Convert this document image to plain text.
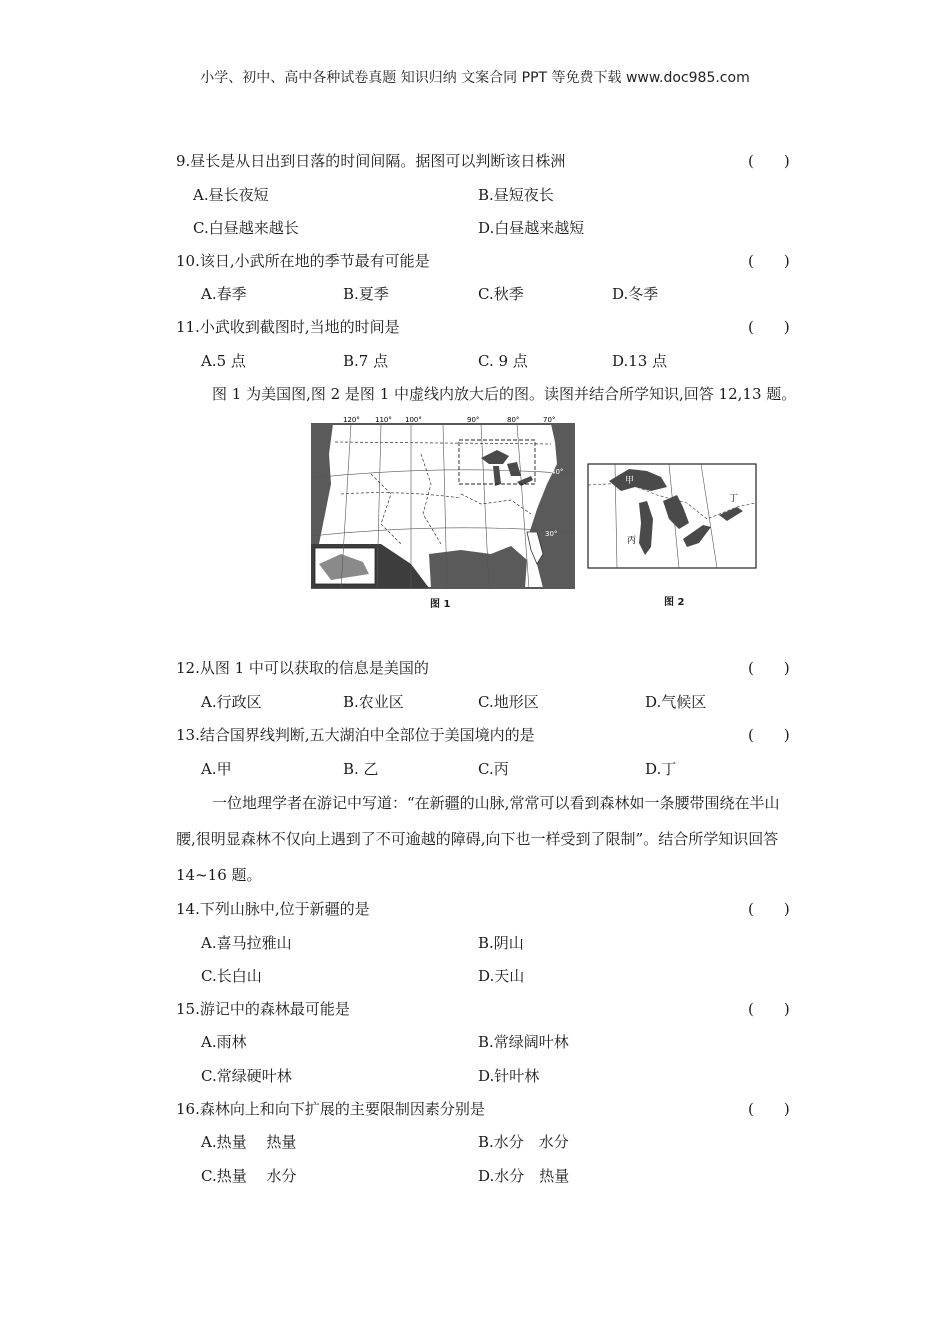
小学、初中、高中各种试卷真题 知识归纳 文案合同 PPT 等免费下载 www.doc985.com
9.昼长是从日出到日落的时间间隔。据图可以判断该日株洲	(　　)
A.昼长夜短	B.昼短夜长
C.白昼越来越长	D.白昼越来越短
10.该日,小武所在地的季节最有可能是	(　　)
A.春季	B.夏季	C.秋季	D.冬季
11.小武收到截图时,当地的时间是	(　　)
A.5 点	B.7 点	C. 9 点	D.13 点
图 1 为美国图,图 2 是图 1 中虚线内放大后的图。读图并结合所学知识,回答 12,13 题。
120° 110° 100°	90°	80°	70°
40°
30°
图 1
甲
丙
丁
图 2
12.从图 1 中可以获取的信息是美国的	(　　)
A.行政区	B.农业区	C.地形区	D.气候区
13.结合国界线判断,五大湖泊中全部位于美国境内的是	(　　)
A.甲	B. 乙	C.丙	D.丁
一位地理学者在游记中写道：“在新疆的山脉,常常可以看到森林如一条腰带围绕在半山
腰,很明显森林不仅向上遇到了不可逾越的障碍,向下也一样受到了限制”。结合所学知识回答
14~16 题。
14.下列山脉中,位于新疆的是	(　　)
A.喜马拉雅山	B.阴山
C.长白山	D.天山
15.游记中的森林最可能是	(　　)
A.雨林	B.常绿阔叶林
C.常绿硬叶林	D.针叶林
16.森林向上和向下扩展的主要限制因素分别是	(　　)
A.热量　 热量	B.水分　水分
C.热量　 水分	D.水分　热量
